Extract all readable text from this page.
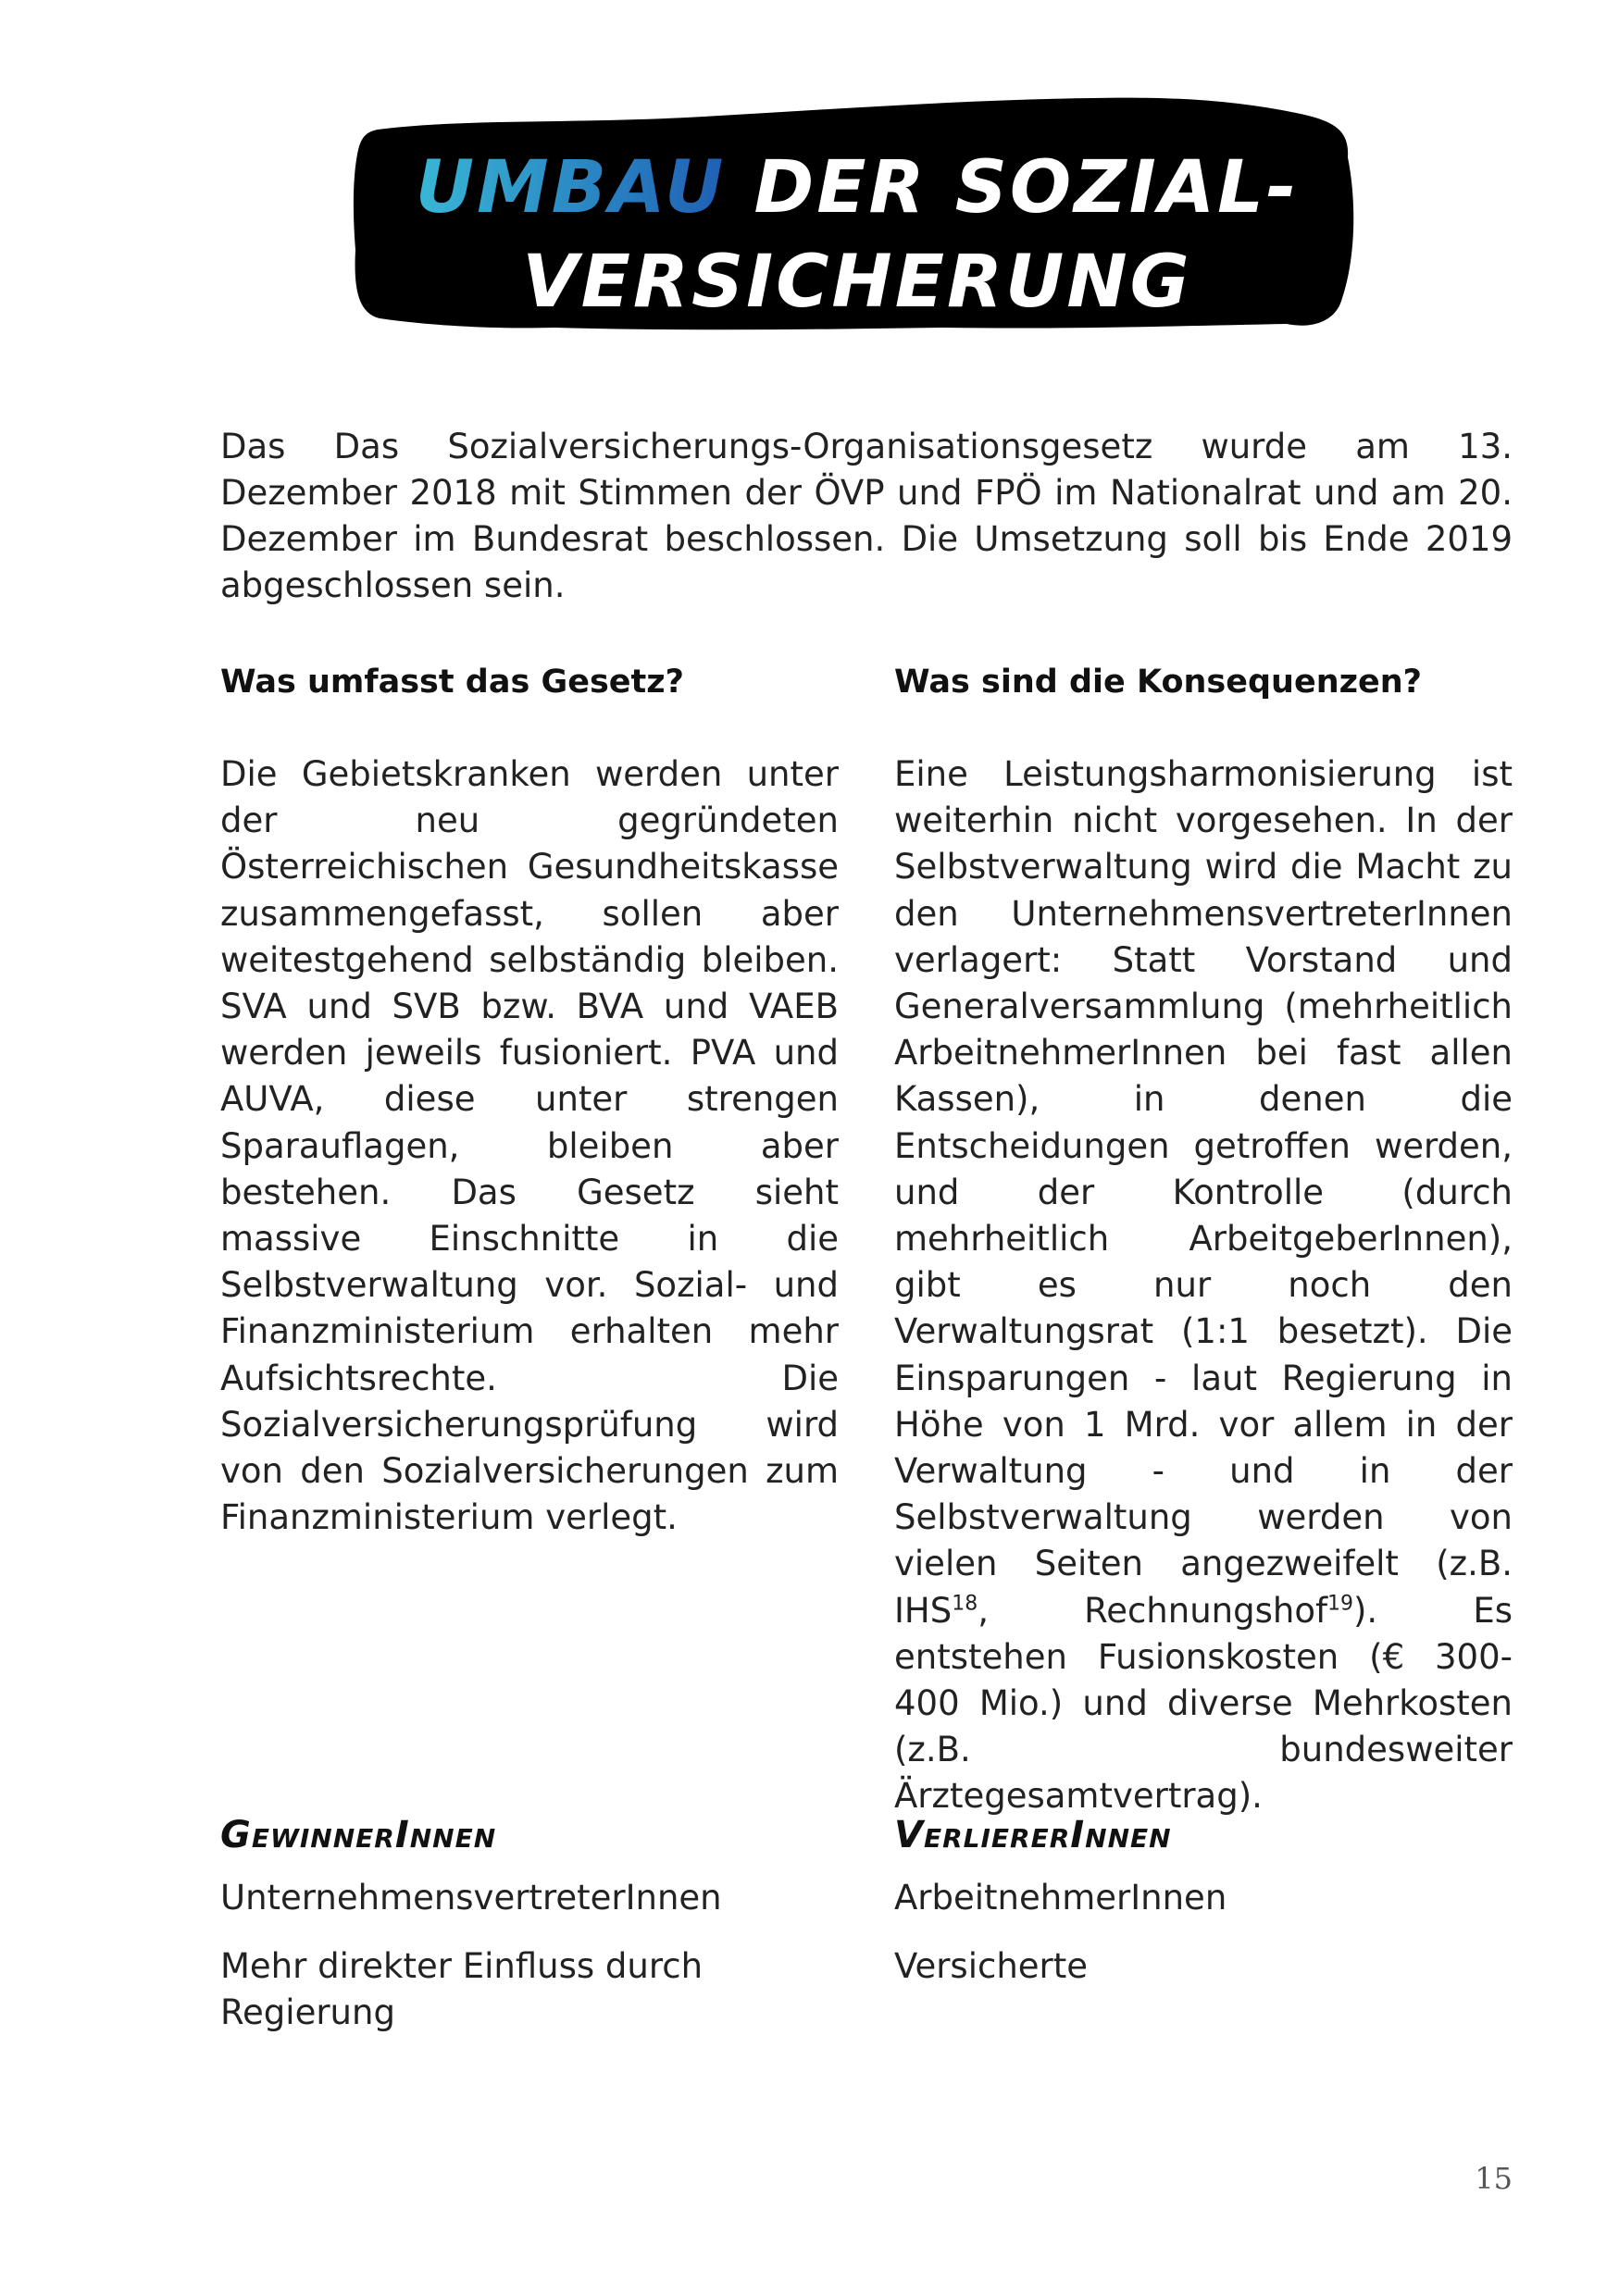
UMBAU DER SOZIAL-
VERSICHERUNG

Das Das Sozialversicherungs-Organisationsgesetz wurde am 13. Dezember 2018 mit Stimmen der ÖVP und FPÖ im Nationalrat und am 20. Dezember im Bundesrat beschlossen. Die Umsetzung soll bis Ende 2019 abgeschlossen sein.

Was umfasst das Gesetz?

Die Gebietskranken werden unter der neu gegründeten Österreichischen Gesundheitskasse zusammengefasst, sollen aber weitestgehend selbständig bleiben. SVA und SVB bzw. BVA und VAEB werden jeweils fusioniert. PVA und AUVA, diese unter strengen Sparauflagen, bleiben aber bestehen. Das Gesetz sieht massive Einschnitte in die Selbstverwaltung vor. Sozial- und Finanzministerium erhalten mehr Aufsichtsrechte. Die Sozialversicherungsprüfung wird von den Sozialversicherungen zum Finanzministerium verlegt.

Was sind die Konsequenzen?

Eine Leistungsharmonisierung ist weiterhin nicht vorgesehen. In der Selbstverwaltung wird die Macht zu den UnternehmensvertreterInnen verlagert: Statt Vorstand und Generalversammlung (mehrheitlich ArbeitnehmerInnen bei fast allen Kassen), in denen die Entscheidungen getroffen werden, und der Kontrolle (durch mehrheitlich ArbeitgeberInnen), gibt es nur noch den Verwaltungsrat (1:1 besetzt). Die Einsparungen - laut Regierung in Höhe von 1 Mrd. vor allem in der Verwaltung - und in der Selbstverwaltung werden von vielen Seiten angezweifelt (z.B. IHS$^{18}$, Rechnungshof$^{19}$). Es entstehen Fusionskosten (€ 300-400 Mio.) und diverse Mehrkosten (z.B. bundesweiter Ärztegesamtvertrag).

GewinnerInnen

UnternehmensvertreterInnen

Mehr direkter Einfluss durch Regierung

VerliererInnen

ArbeitnehmerInnen

Versicherte

15
